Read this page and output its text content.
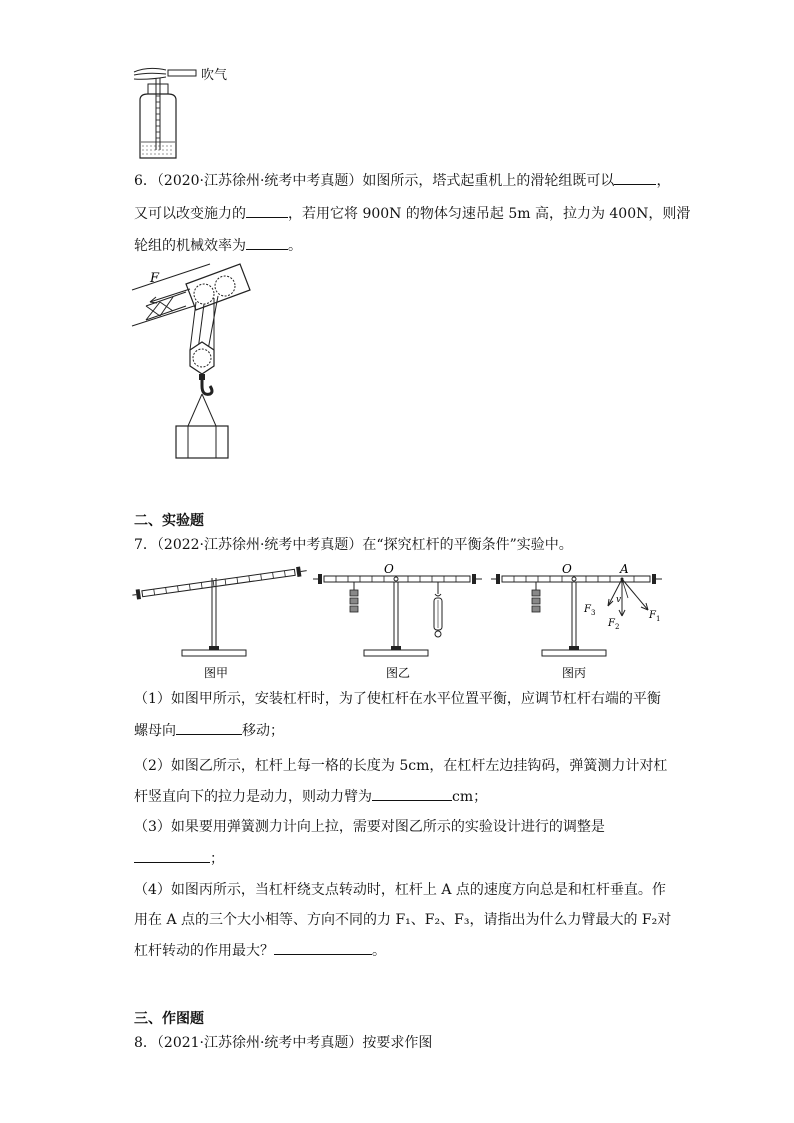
吹气
6．（2020·江苏徐州·统考中考真题）如图所示，塔式起重机上的滑轮组既可以	，
又可以改变施力的	，若用它将 900N 的物体匀速吊起 5m 高，拉力为 400N，则滑
轮组的机械效率为	。
F
二、实验题
7．（2022·江苏徐州·统考中考真题）在“探究杠杆的平衡条件”实验中。
O	O	A
v
F 3
F 2
F 1
图甲	图乙	图丙
（1）如图甲所示，安装杠杆时，为了使杠杆在水平位置平衡，应调节杠杆右端的平衡
螺母向	移动；
（2）如图乙所示，杠杆上每一格的长度为 5cm，在杠杆左边挂钩码，弹簧测力计对杠
杆竖直向下的拉力是动力，则动力臂为	cm；
（3）如果要用弹簧测力计向上拉，需要对图乙所示的实验设计进行的调整是
；
（4）如图丙所示，当杠杆绕支点转动时，杠杆上 A 点的速度方向总是和杠杆垂直。作
用在 A 点的三个大小相等、方向不同的力 F₁、F₂、F₃，请指出为什么力臂最大的 F₂对
杠杆转动的作用最大？	。
三、作图题
8．（2021·江苏徐州·统考中考真题）按要求作图
